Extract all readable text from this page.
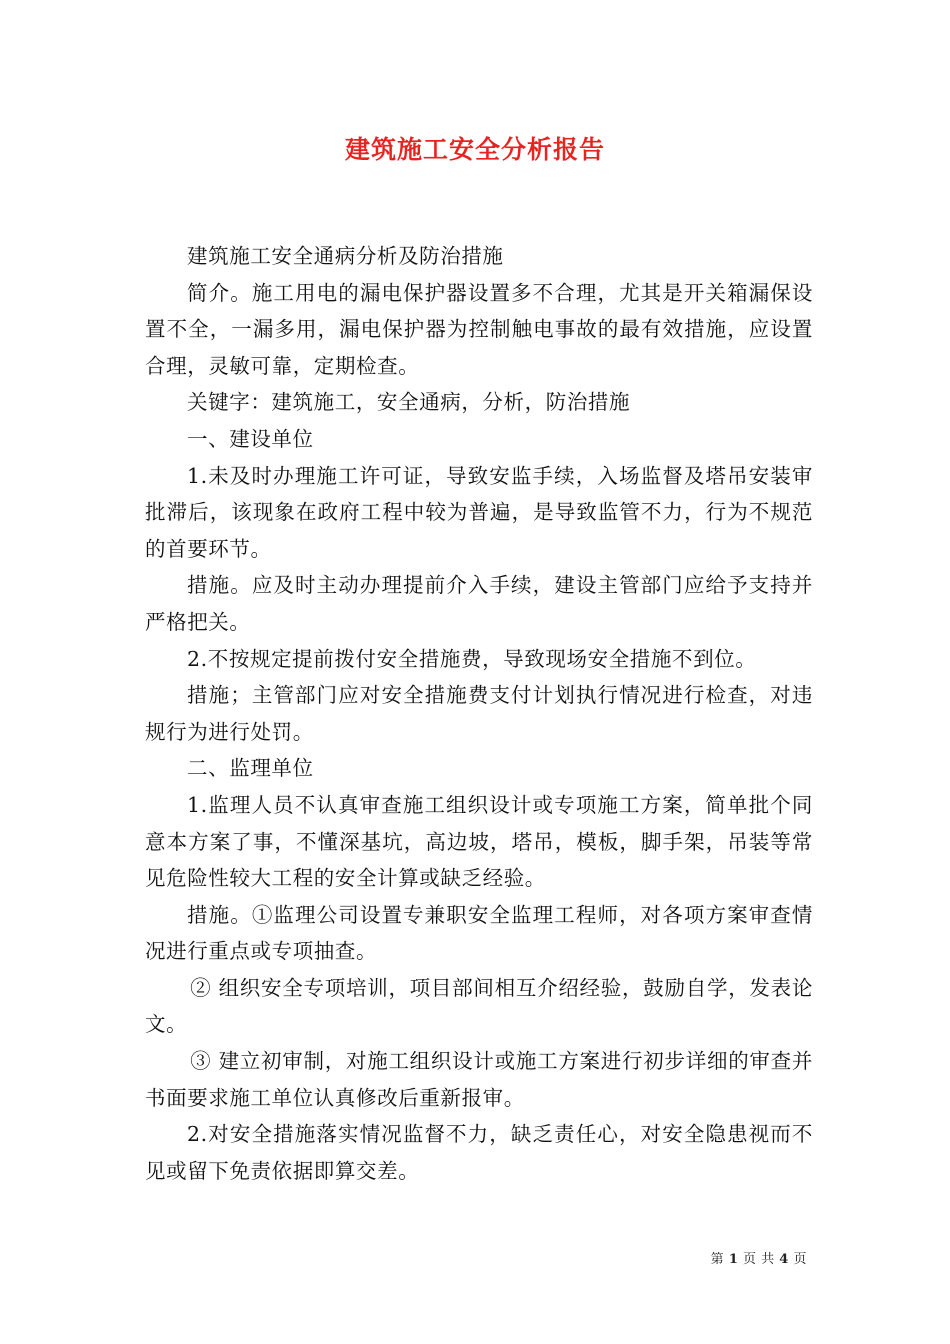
建筑施工安全分析报告

建筑施工安全通病分析及防治措施

简介。施工用电的漏电保护器设置多不合理，尤其是开关箱漏保设置不全，一漏多用，漏电保护器为控制触电事故的最有效措施，应设置合理，灵敏可靠，定期检查。

关键字：建筑施工，安全通病，分析，防治措施

一、建设单位

1.未及时办理施工许可证，导致安监手续，入场监督及塔吊安装审批滞后，该现象在政府工程中较为普遍，是导致监管不力，行为不规范的首要环节。

措施。应及时主动办理提前介入手续，建设主管部门应给予支持并严格把关。

2.不按规定提前拨付安全措施费，导致现场安全措施不到位。

措施；主管部门应对安全措施费支付计划执行情况进行检查，对违规行为进行处罚。

二、监理单位

1.监理人员不认真审查施工组织设计或专项施工方案，简单批个同意本方案了事，不懂深基坑，高边坡，塔吊，模板，脚手架，吊装等常见危险性较大工程的安全计算或缺乏经验。

措施。①监理公司设置专兼职安全监理工程师，对各项方案审查情况进行重点或专项抽查。

② 组织安全专项培训，项目部间相互介绍经验，鼓励自学，发表论文。

③ 建立初审制，对施工组织设计或施工方案进行初步详细的审查并书面要求施工单位认真修改后重新报审。

2.对安全措施落实情况监督不力，缺乏责任心，对安全隐患视而不见或留下免责依据即算交差。

第 1 页 共 4 页
